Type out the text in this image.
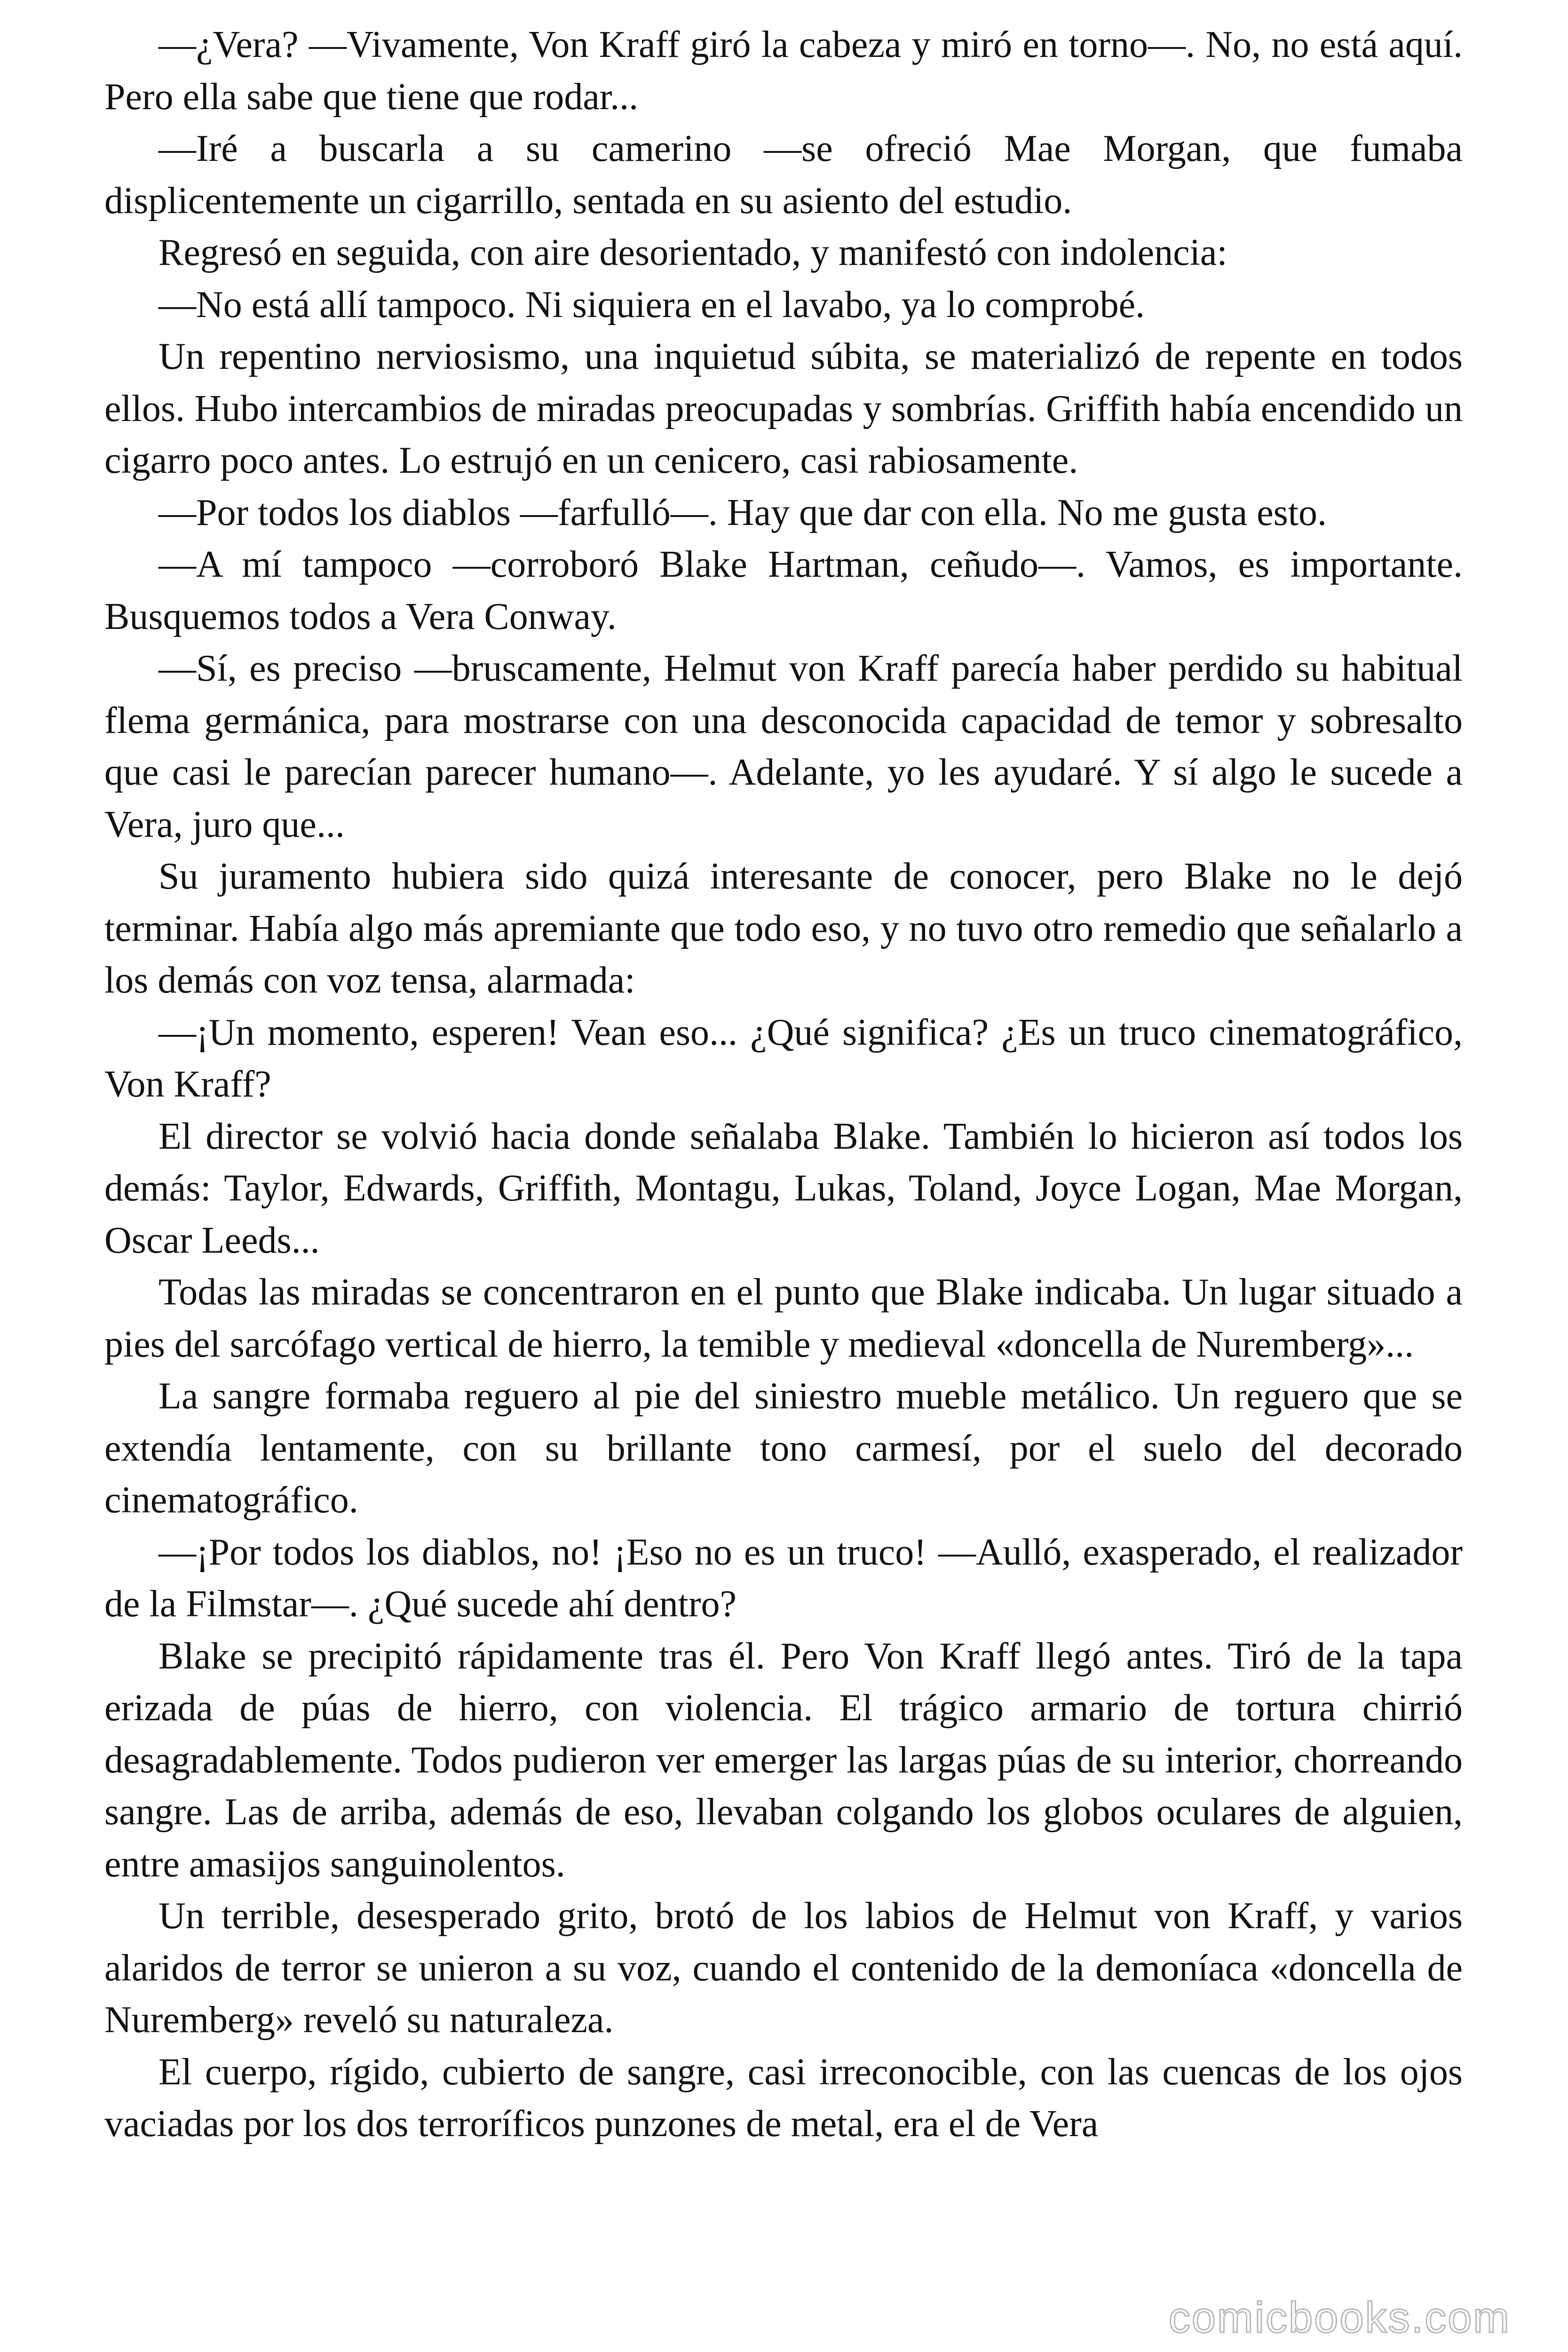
—¿Vera? —Vivamente, Von Kraff giró la cabeza y miró en torno—. No, no está aquí. Pero ella sabe que tiene que rodar...

—Iré a buscarla a su camerino —se ofreció Mae Morgan, que fumaba displicentemente un cigarrillo, sentada en su asiento del estudio.

Regresó en seguida, con aire desorientado, y manifestó con indolencia:

—No está allí tampoco. Ni siquiera en el lavabo, ya lo comprobé.

Un repentino nerviosismo, una inquietud súbita, se materializó de repente en todos ellos. Hubo intercambios de miradas preocupadas y sombrías. Griffith había encendido un cigarro poco antes. Lo estrujó en un cenicero, casi rabiosamente.

—Por todos los diablos —farfulló—. Hay que dar con ella. No me gusta esto.

—A mí tampoco —corroboró Blake Hartman, ceñudo—. Vamos, es importante. Busquemos todos a Vera Conway.

—Sí, es preciso —bruscamente, Helmut von Kraff parecía haber perdido su habitual flema germánica, para mostrarse con una desconocida capacidad de temor y sobresalto que casi le parecían parecer humano—. Adelante, yo les ayudaré. Y sí algo le sucede a Vera, juro que...

Su juramento hubiera sido quizá interesante de conocer, pero Blake no le dejó terminar. Había algo más apremiante que todo eso, y no tuvo otro remedio que señalarlo a los demás con voz tensa, alarmada:

—¡Un momento, esperen! Vean eso... ¿Qué significa? ¿Es un truco cinematográfico, Von Kraff?

El director se volvió hacia donde señalaba Blake. También lo hicieron así todos los demás: Taylor, Edwards, Griffith, Montagu, Lukas, Toland, Joyce Logan, Mae Morgan, Oscar Leeds...

Todas las miradas se concentraron en el punto que Blake indicaba. Un lugar situado a pies del sarcófago vertical de hierro, la temible y medieval «doncella de Nuremberg»...

La sangre formaba reguero al pie del siniestro mueble metálico. Un reguero que se extendía lentamente, con su brillante tono carmesí, por el suelo del decorado cinematográfico.

—¡Por todos los diablos, no! ¡Eso no es un truco! —Aulló, exasperado, el realizador de la Filmstar—. ¿Qué sucede ahí dentro?

Blake se precipitó rápidamente tras él. Pero Von Kraff llegó antes. Tiró de la tapa erizada de púas de hierro, con violencia. El trágico armario de tortura chirrió desagradablemente. Todos pudieron ver emerger las largas púas de su interior, chorreando sangre. Las de arriba, además de eso, llevaban colgando los globos oculares de alguien, entre amasijos sanguinolentos.

Un terrible, desesperado grito, brotó de los labios de Helmut von Kraff, y varios alaridos de terror se unieron a su voz, cuando el contenido de la demoníaca «doncella de Nuremberg» reveló su naturaleza.

El cuerpo, rígido, cubierto de sangre, casi irreconocible, con las cuencas de los ojos vaciadas por los dos terroríficos punzones de metal, era el de Vera

comicbooks.com
